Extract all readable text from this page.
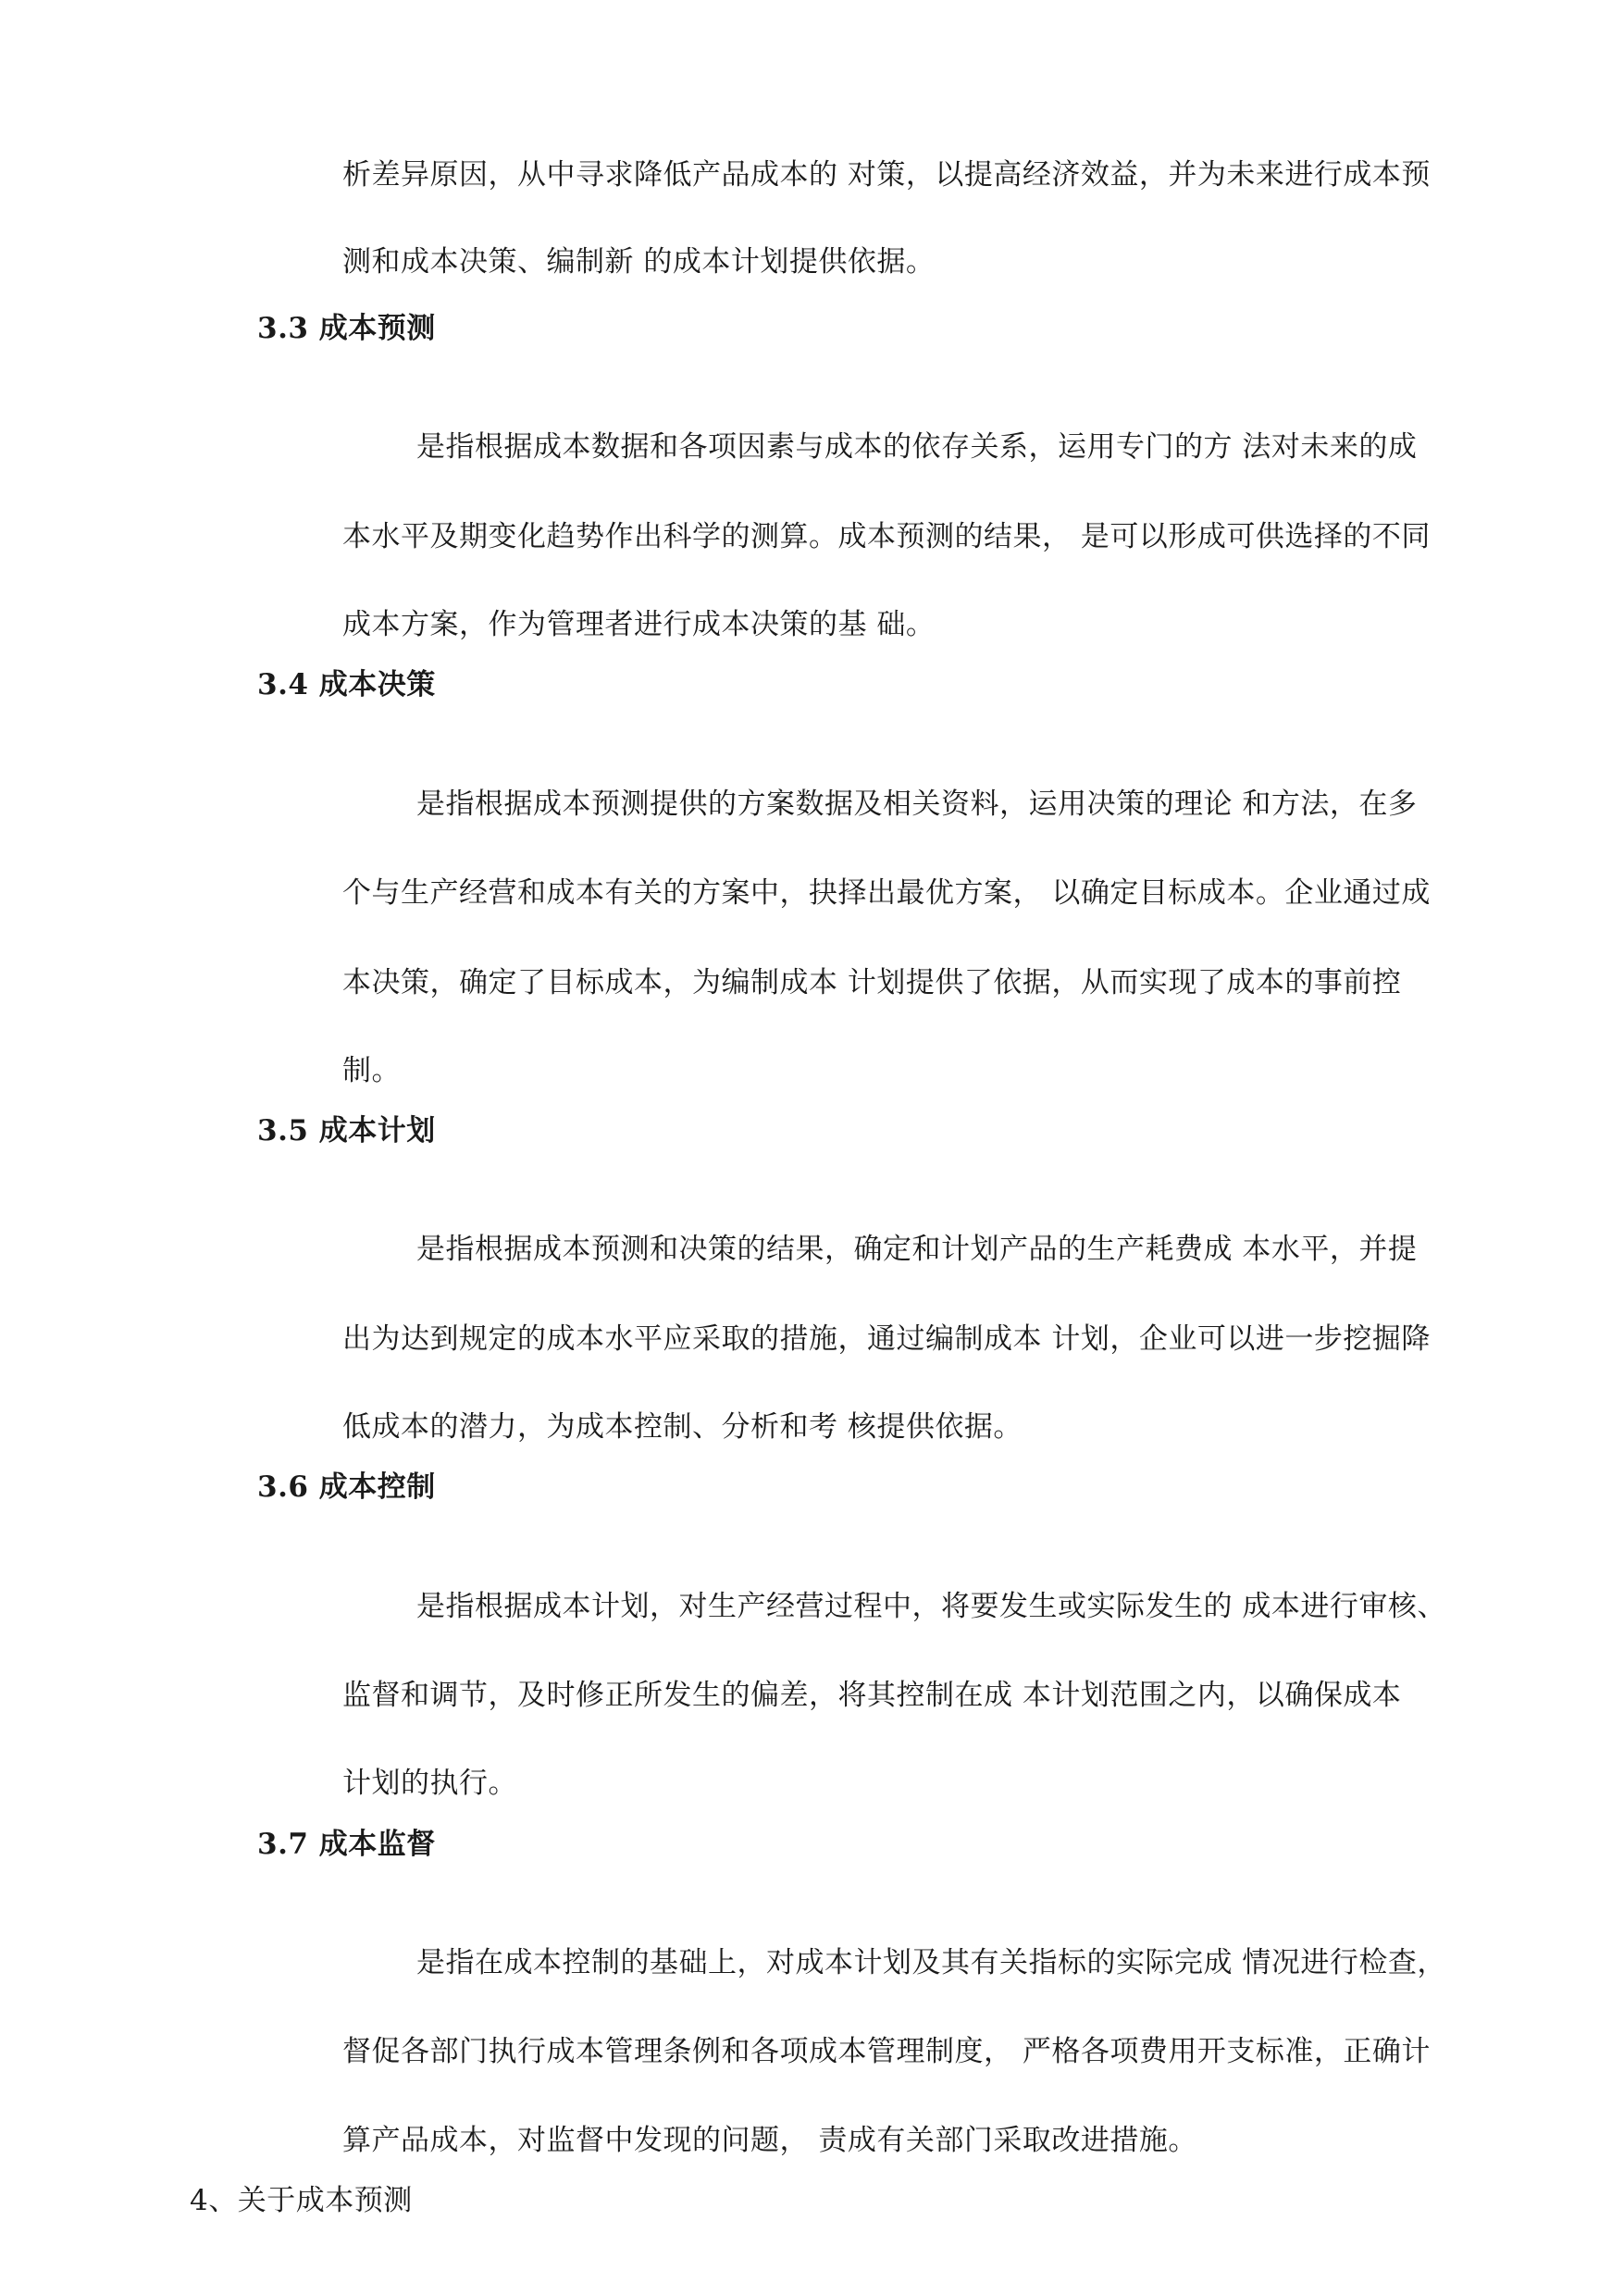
析差异原因，从中寻求降低产品成本的 对策，以提高经济效益，并为未来进行成本预

测和成本决策、编制新 的成本计划提供依据。

3.3 成本预测

是指根据成本数据和各项因素与成本的依存关系，运用专门的方 法对未来的成

本水平及期变化趋势作出科学的测算。成本预测的结果， 是可以形成可供选择的不同

成本方案，作为管理者进行成本决策的基 础。

3.4 成本决策

是指根据成本预测提供的方案数据及相关资料，运用决策的理论 和方法，在多

个与生产经营和成本有关的方案中，抉择出最优方案， 以确定目标成本。企业通过成

本决策，确定了目标成本，为编制成本 计划提供了依据，从而实现了成本的事前控

制。

3.5 成本计划

是指根据成本预测和决策的结果，确定和计划产品的生产耗费成 本水平，并提

出为达到规定的成本水平应采取的措施，通过编制成本 计划，企业可以进一步挖掘降

低成本的潜力，为成本控制、分析和考 核提供依据。

3.6 成本控制

是指根据成本计划，对生产经营过程中，将要发生或实际发生的 成本进行审核、

监督和调节，及时修正所发生的偏差，将其控制在成 本计划范围之内，以确保成本

计划的执行。

3.7 成本监督

是指在成本控制的基础上，对成本计划及其有关指标的实际完成 情况进行检查，

督促各部门执行成本管理条例和各项成本管理制度， 严格各项费用开支标准，正确计

算产品成本，对监督中发现的问题， 责成有关部门采取改进措施。

4、关于成本预测
